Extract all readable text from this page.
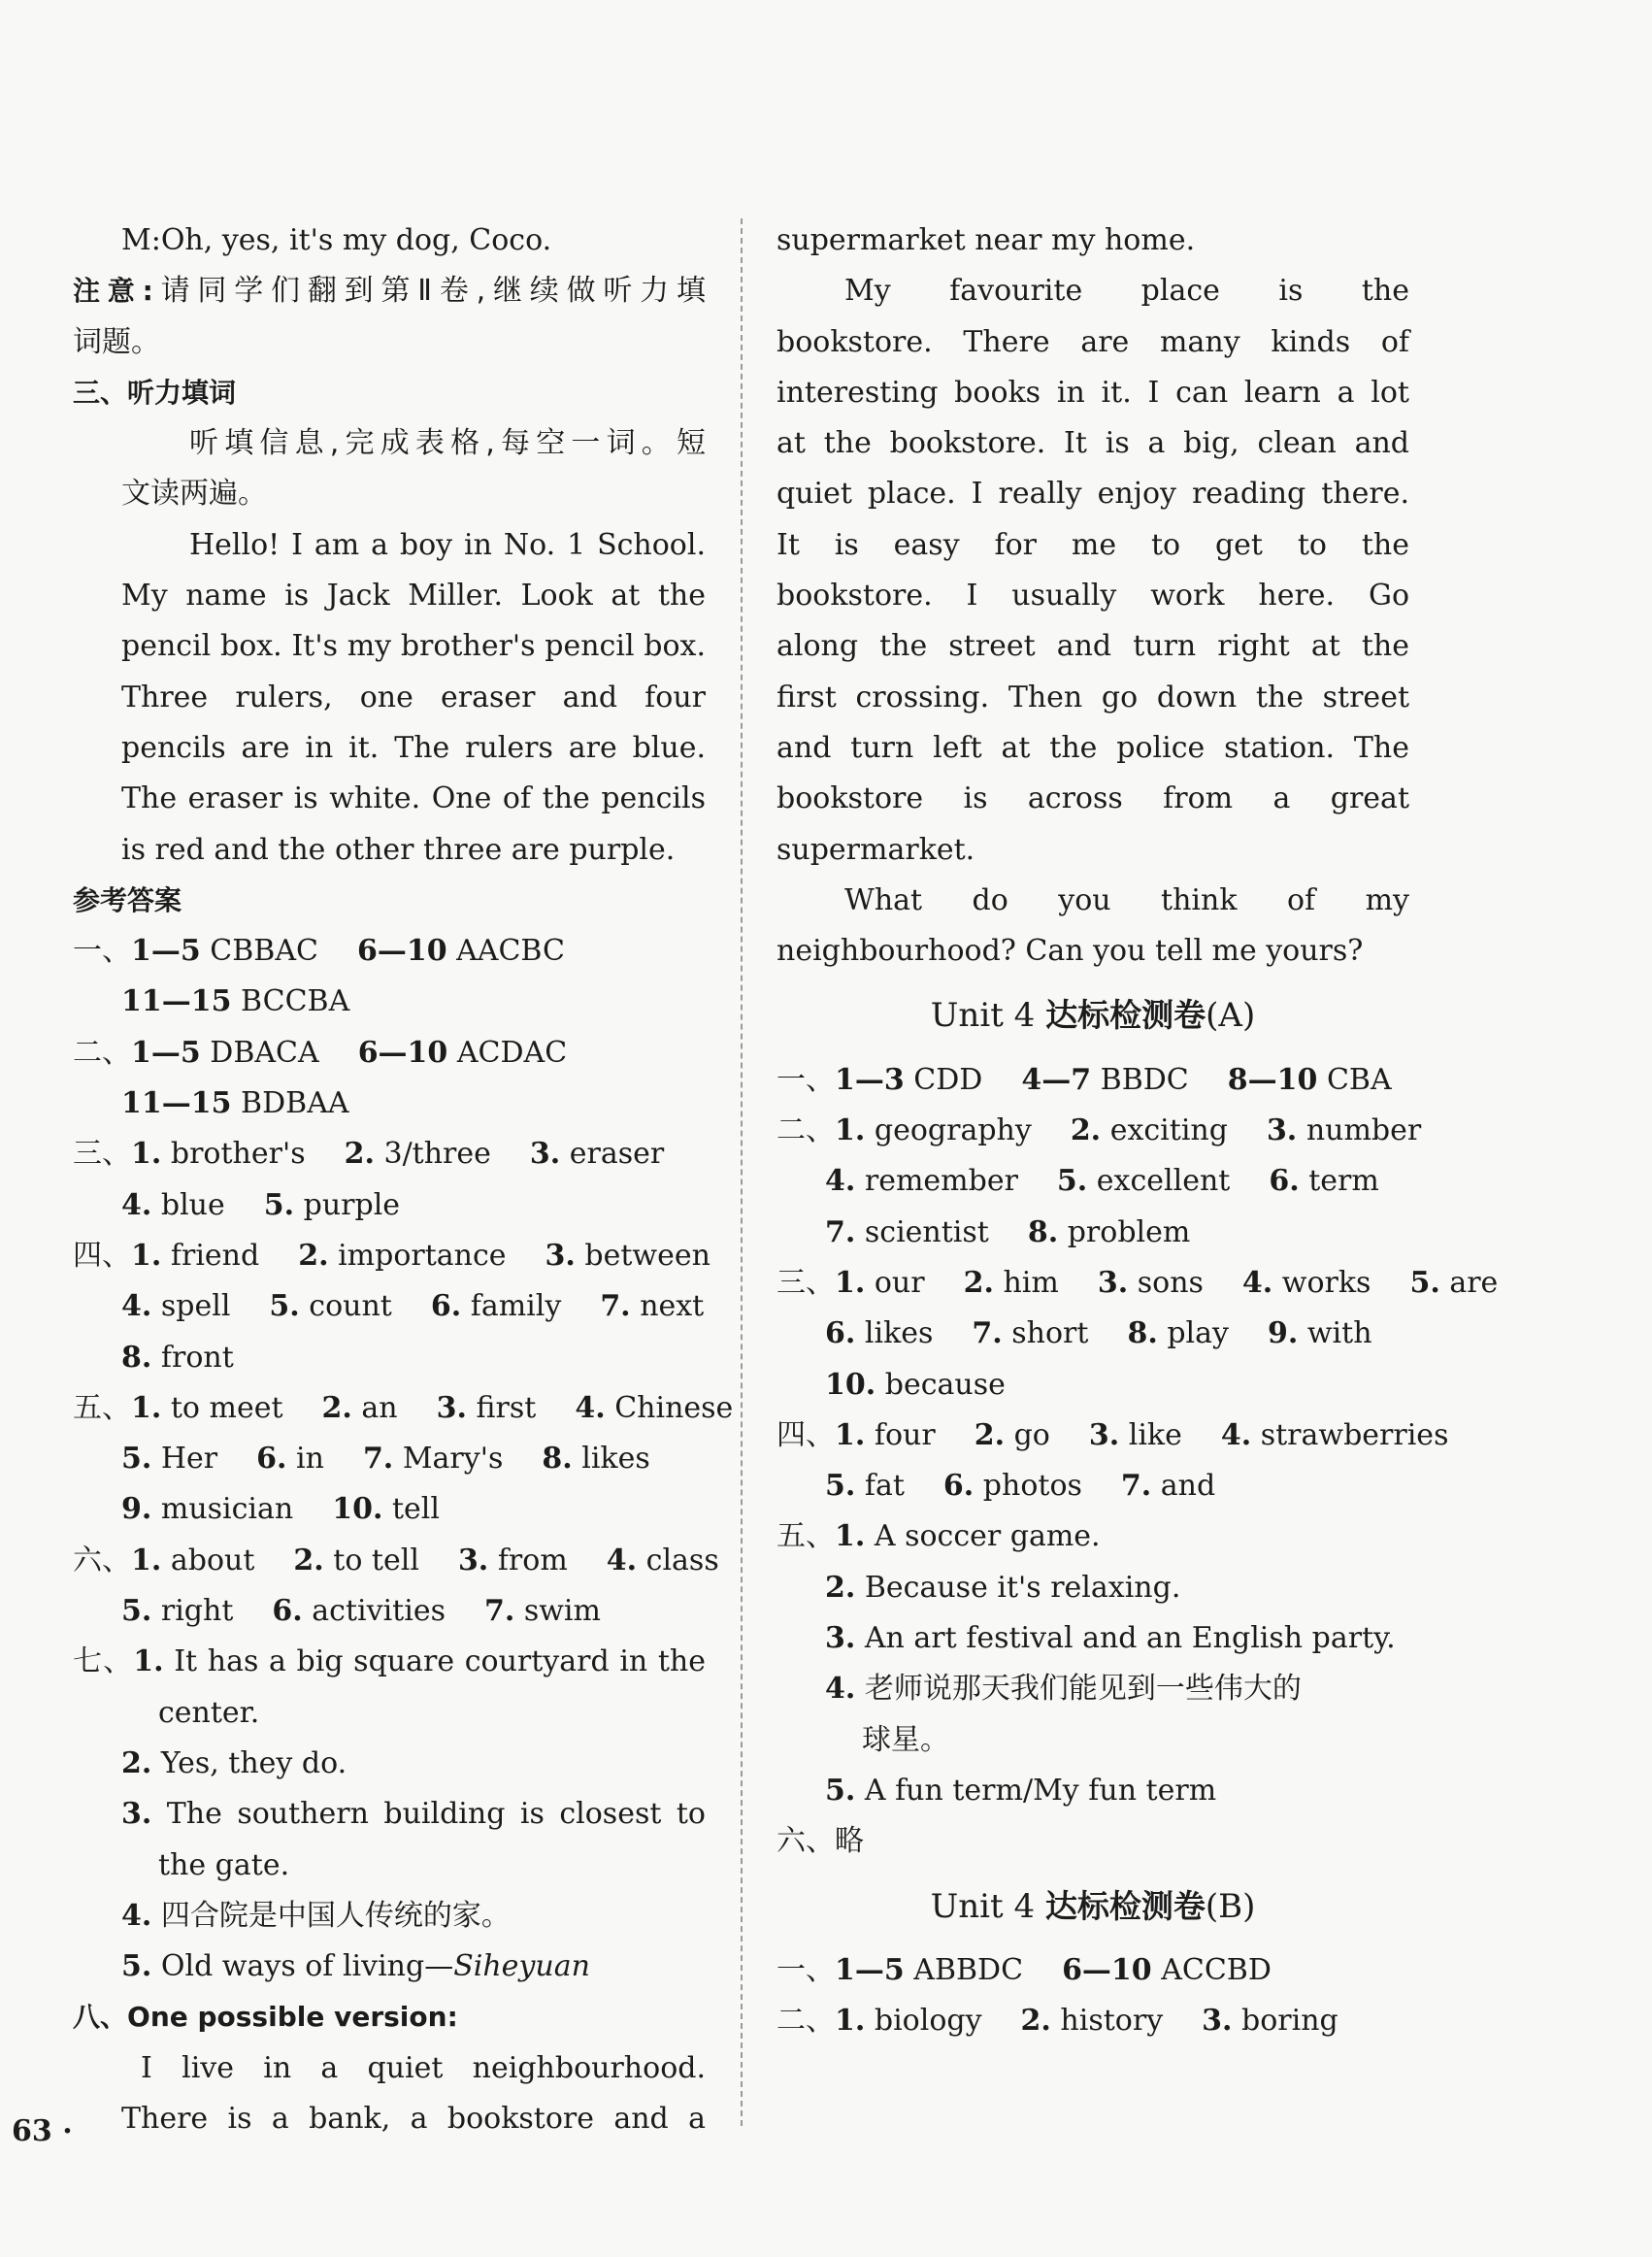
M:Oh, yes, it's my dog, Coco.
注意:请同学们翻到第Ⅱ卷,继续做听力填
词题。
三、听力填词
听填信息,完成表格,每空一词。短
文读两遍。
Hello! I am a boy in No. 1 School.
My name is Jack Miller. Look at the
pencil box. It's my brother's pencil box.
Three rulers, one eraser and four
pencils are in it. The rulers are blue.
The eraser is white. One of the pencils
is red and the other three are purple.
参考答案
一、1—5 CBBAC 6—10 AACBC
11—15 BCCBA
二、1—5 DBACA 6—10 ACDAC
11—15 BDBAA
三、1. brother's 2. 3/three 3. eraser
4. blue 5. purple
四、1. friend 2. importance 3. between
4. spell 5. count 6. family 7. next
8. front
五、1. to meet 2. an 3. first 4. Chinese
5. Her 6. in 7. Mary's 8. likes
9. musician 10. tell
六、1. about 2. to tell 3. from 4. class
5. right 6. activities 7. swim
七、1. It has a big square courtyard in the
center.
2. Yes, they do.
3. The southern building is closest to
the gate.
4. 四合院是中国人传统的家。
5. Old ways of living—Siheyuan
八、One possible version:
I live in a quiet neighbourhood.
There is a bank, a bookstore and a
supermarket near my home.
My favourite place is the
bookstore. There are many kinds of
interesting books in it. I can learn a lot
at the bookstore. It is a big, clean and
quiet place. I really enjoy reading there.
It is easy for me to get to the
bookstore. I usually work here. Go
along the street and turn right at the
first crossing. Then go down the street
and turn left at the police station. The
bookstore is across from a great
supermarket.
What do you think of my
neighbourhood? Can you tell me yours?
Unit 4 达标检测卷(A)
一、1—3 CDD 4—7 BBDC 8—10 CBA
二、1. geography 2. exciting 3. number
4. remember 5. excellent 6. term
7. scientist 8. problem
三、1. our 2. him 3. sons 4. works 5. are
6. likes 7. short 8. play 9. with
10. because
四、1. four 2. go 3. like 4. strawberries
5. fat 6. photos 7. and
五、1. A soccer game.
2. Because it's relaxing.
3. An art festival and an English party.
4. 老师说那天我们能见到一些伟大的
球星。
5. A fun term/My fun term
六、略
Unit 4 达标检测卷(B)
一、1—5 ABBDC 6—10 ACCBD
二、1. biology 2. history 3. boring
63 ·
